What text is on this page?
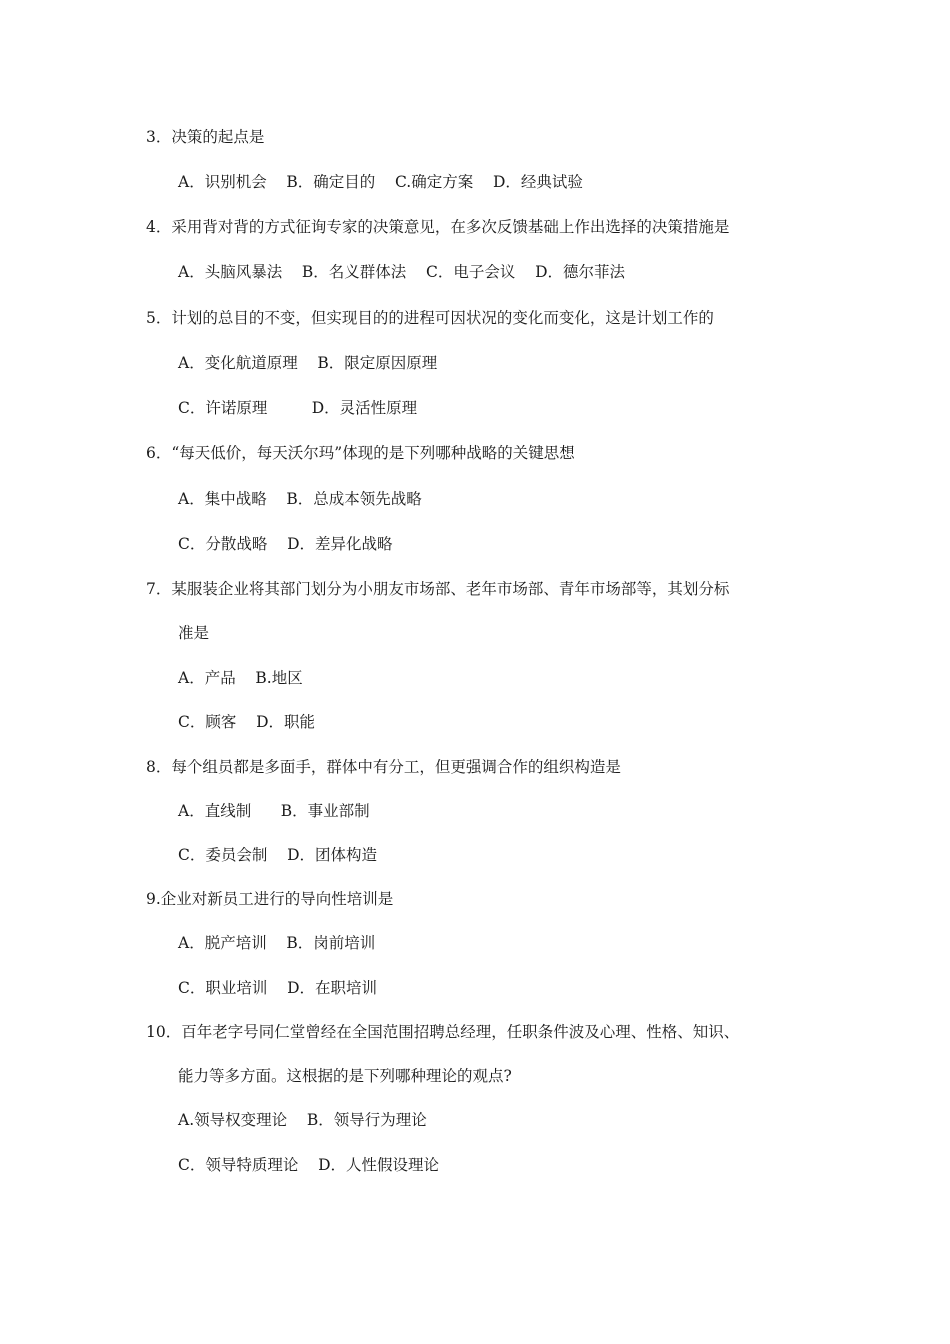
3．决策的起点是
A．识别机会    B．确定目的    C.确定方案    D．经典试验
4．采用背对背的方式征询专家的决策意见，在多次反馈基础上作出选择的决策措施是
A．头脑风暴法    B．名义群体法    C．电子会议    D．德尔菲法
5．计划的总目的不变，但实现目的的进程可因状况的变化而变化，这是计划工作的
A．变化航道原理    B．限定原因原理
C．许诺原理         D．灵活性原理
6．“每天低价，每天沃尔玛”体现的是下列哪种战略的关键思想
A．集中战略    B．总成本领先战略
C．分散战略    D．差异化战略
7．某服装企业将其部门划分为小朋友市场部、老年市场部、青年市场部等，其划分标
准是
A．产品    B.地区
C．顾客    D．职能
8．每个组员都是多面手，群体中有分工，但更强调合作的组织构造是
A．直线制      B．事业部制
C．委员会制    D．团体构造
9.企业对新员工进行的导向性培训是
A．脱产培训    B．岗前培训
C．职业培训    D．在职培训
10．百年老字号同仁堂曾经在全国范围招聘总经理，任职条件波及心理、性格、知识、
能力等多方面。这根据的是下列哪种理论的观点?
A.领导权变理论    B．领导行为理论
C．领导特质理论    D．人性假设理论
